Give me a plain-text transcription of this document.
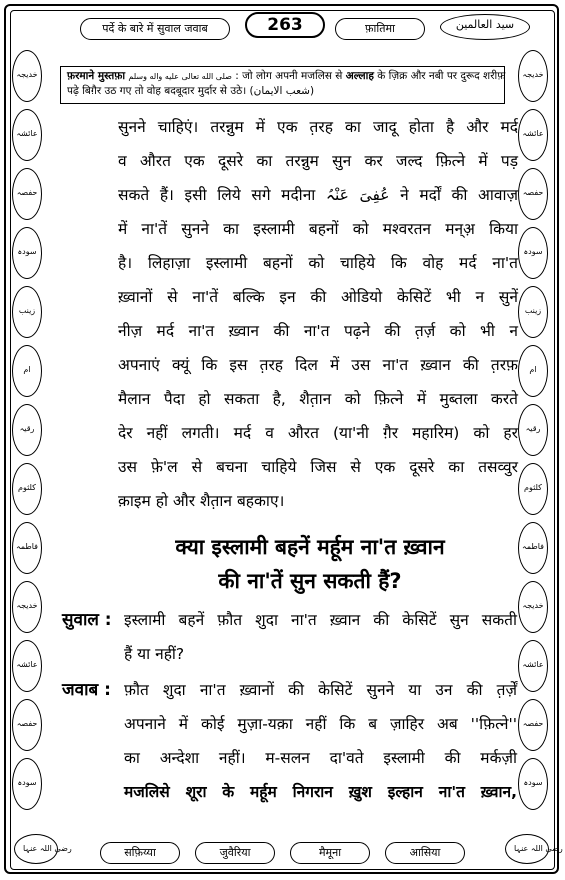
पर्दे के बारे में सुवाल जवाब	फ़ातिमा	سید العالمین
263
फ़रमाने मुस्तफ़ा صلى الله تعالى عليه واله وسلم : जो लोग अपनी मजलिस से अल्लाह के ज़िक्र और नबी पर दुरूद शरीफ़
पढ़े बिग़ैर उठ गए तो वोह बदबूदार मुर्दार से उठे। (شعب الایمان)
خدیجہ
عائشہ
حفصہ
سودہ
زینب
ام
رقیہ
کلثوم
فاطمہ
خدیجہ
عائشہ
حفصہ
سودہ
خدیجہ
عائشہ
حفصہ
سودہ
زینب
ام
رقیہ
کلثوم
فاطمہ
خدیجہ
عائشہ
حفصہ
سودہ
सुनने चाहिएं। तरन्नुम में एक त़रह का जादू होता है और मर्द
व औरत एक दूसरे का तरन्नुम सुन कर जल्द फ़ित्ने में पड़
सकते हैं। इसी लिये सगे मदीना عُفِیَ عَنْہُ ने मर्दों की आवाज़
में ना'तें सुनने का इस्लामी बहनों को मश्वरतन मन्अ़ किया
है। लिहाज़ा इस्लामी बहनों को चाहिये कि वोह मर्द ना'त
ख़्वानों से ना'तें बल्कि इन की ओडियो केसिटें भी न सुनें
नीज़ मर्द ना'त ख़्वान की ना'त पढ़ने की त़र्ज़ को भी न
अपनाएं क्यूं कि इस त़रह दिल में उस ना'त ख़्वान की त़रफ़
मैलान पैदा हो सकता है, शैत़ान को फ़ित्ने में मुब्तला करते
देर नहीं लगती। मर्द व औरत (या'नी ग़ैर महारिम) को हर
उस फ़े'ल से बचना चाहिये जिस से एक दूसरे का तसव्वुर
क़ाइम हो और शैत़ान बहकाए।
क्या इस्लामी बहनें मर्हूम ना'त ख़्वान
की ना'तें सुन सकती हैं?
सुवाल : इस्लामी बहनें फ़ौत शुदा ना'त ख़्वान की केसिटें सुन सकती
हैं या नहीं?
जवाब : फ़ौत शुदा ना'त ख़्वानों की केसिटें सुनने या उन की त़र्ज़ें
अपनाने में कोई मुज़ा-यक़ा नहीं कि ब ज़ाहिर अब ''फ़ित्ने''
का अन्देशा नहीं। म-सलन दा'वते इस्लामी की मर्कज़ी
मजलिसे शूरा के मर्हूम निगरान ख़ुश इल्हान ना'त ख़्वान,
رضی اللہ عنہا	सफ़िय्या	जुवैरिया	मैमूना	आसिया	رضی اللہ عنہا
